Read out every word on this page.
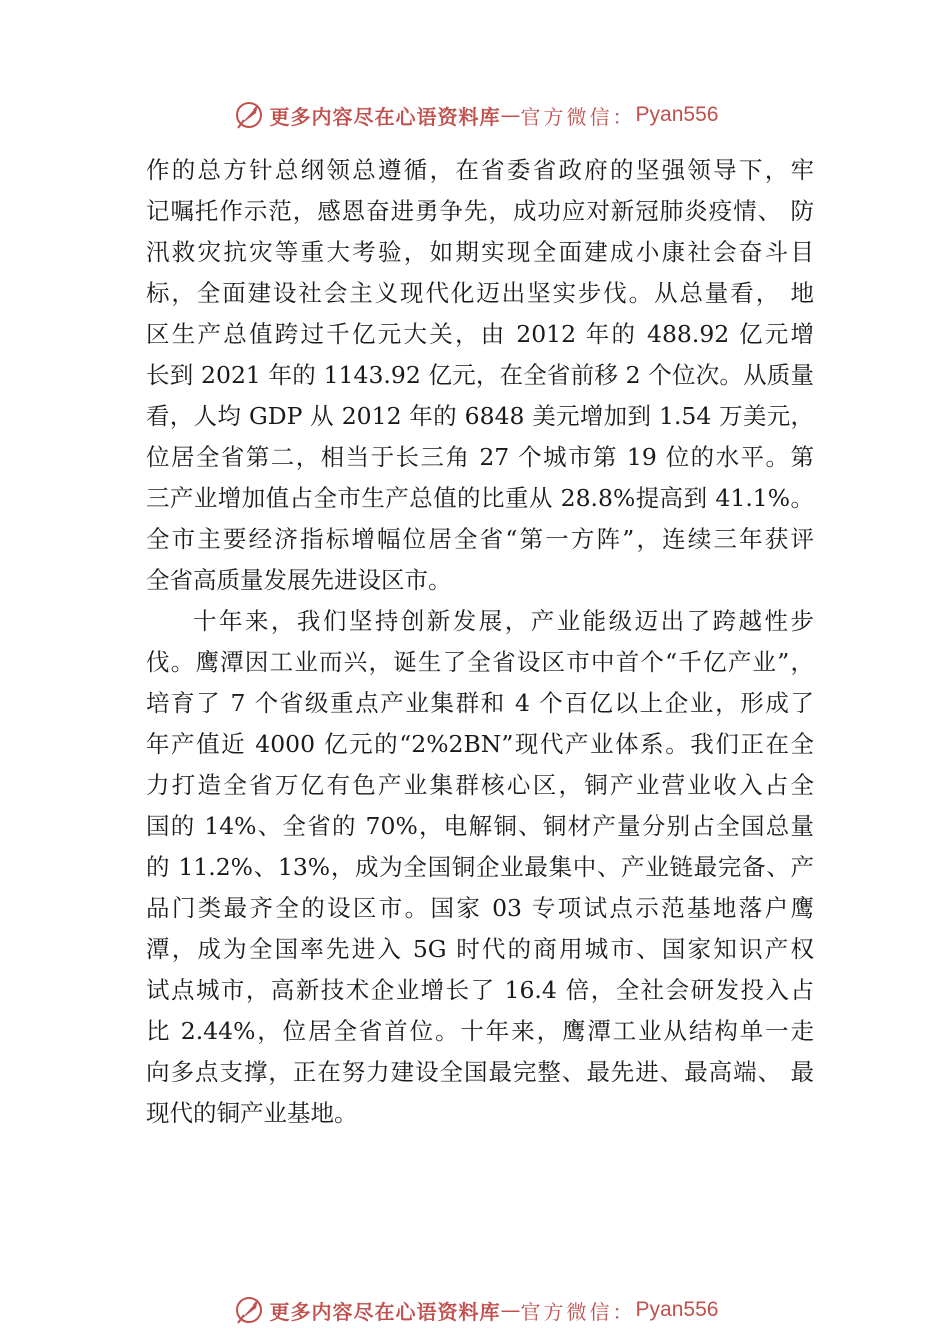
更多内容尽在心语资料库 — 官方微信： Pyan556
作的总方针总纲领总遵循，在省委省政府的坚强领导下，牢
记嘱托作示范，感恩奋进勇争先，成功应对新冠肺炎疫情、 防
汛救灾抗灾等重大考验，如期实现全面建成小康社会奋斗目
标，全面建设社会主义现代化迈出坚实步伐。从总量看， 地
区生产总值跨过千亿元大关，由 2012 年的 488.92 亿元增
长到 2021 年的 1143.92 亿元，在全省前移 2 个位次。从质量
看，人均 GDP 从 2012 年的 6848 美元增加到 1.54 万美元，
位居全省第二，相当于长三角 27 个城市第 19 位的水平。第
三产业增加值占全市生产总值的比重从 28.8%提高到 41.1%。
全市主要经济指标增幅位居全省“第一方阵”，连续三年获评
全省高质量发展先进设区市。
十年来，我们坚持创新发展，产业能级迈出了跨越性步
伐。鹰潭因工业而兴，诞生了全省设区市中首个“千亿产业”，
培育了 7 个省级重点产业集群和 4 个百亿以上企业，形成了
年产值近 4000 亿元的“2%2BN”现代产业体系。我们正在全
力打造全省万亿有色产业集群核心区，铜产业营业收入占全
国的 14%、全省的 70%，电解铜、铜材产量分别占全国总量
的 11.2%、13%，成为全国铜企业最集中、产业链最完备、产
品门类最齐全的设区市。国家 03 专项试点示范基地落户鹰
潭，成为全国率先进入 5G 时代的商用城市、国家知识产权
试点城市，高新技术企业增长了 16.4 倍，全社会研发投入占
比 2.44%，位居全省首位。十年来，鹰潭工业从结构单一走
向多点支撑，正在努力建设全国最完整、最先进、最高端、 最
现代的铜产业基地。
更多内容尽在心语资料库 — 官方微信： Pyan556
